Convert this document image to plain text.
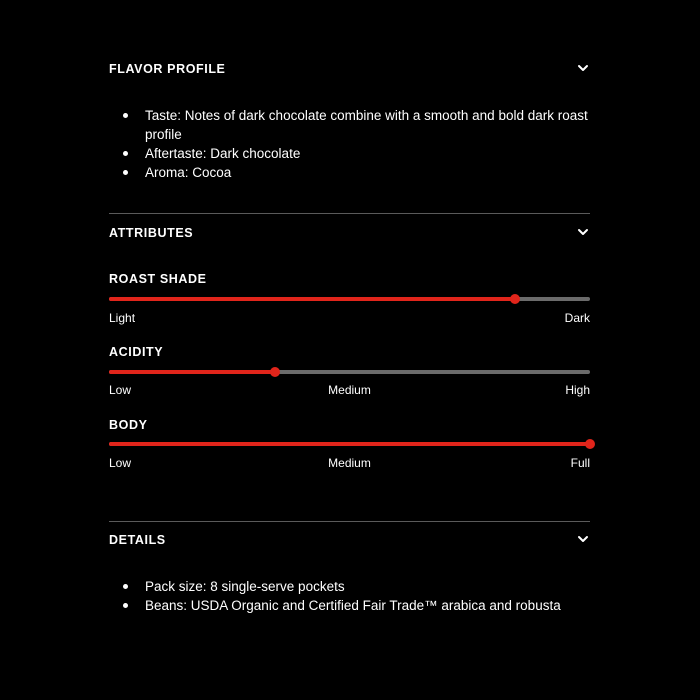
FLAVOR PROFILE
Taste: Notes of dark chocolate combine with a smooth and bold dark roast profile
Aftertaste: Dark chocolate
Aroma: Cocoa
ATTRIBUTES
ROAST SHADE
Light	Dark
ACIDITY
Low	Medium	High
BODY
Low	Medium	Full
DETAILS
Pack size: 8 single-serve pockets
Beans: USDA Organic and Certified Fair Trade™ arabica and robusta
